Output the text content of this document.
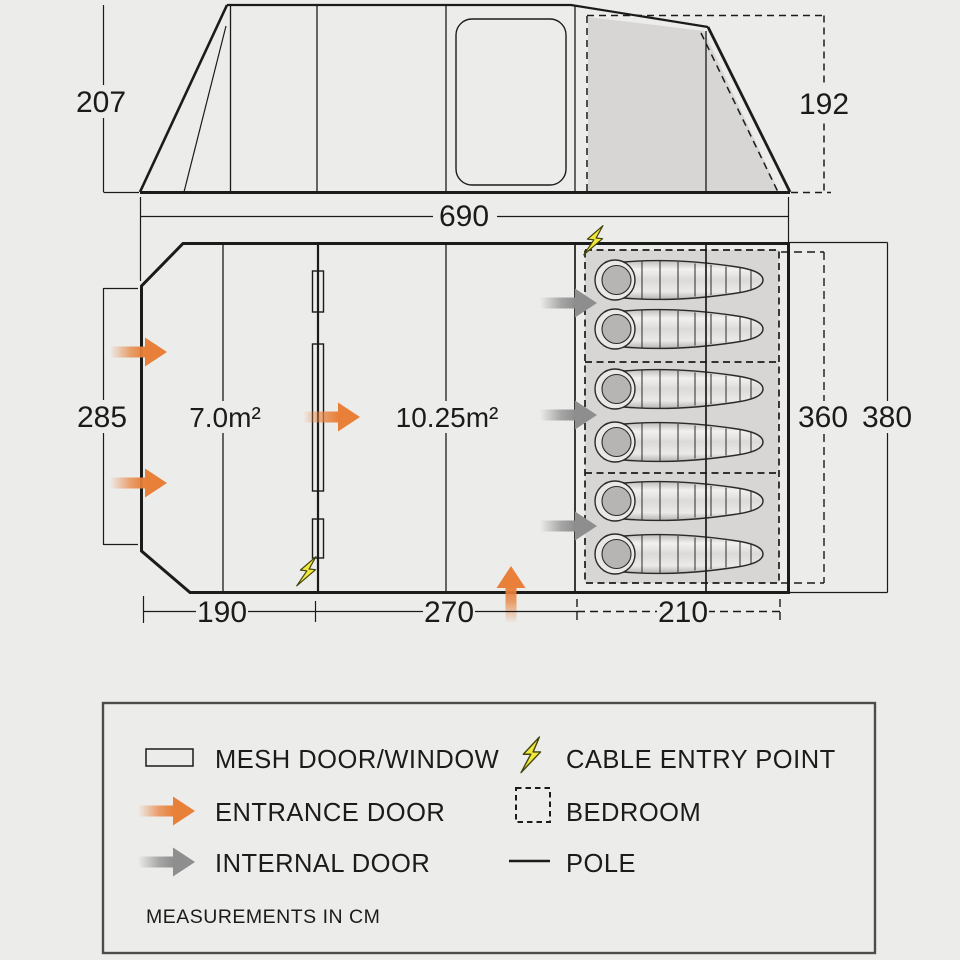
207	192
690
7.0m²	10.25m²
285	360 380
190	270	210
MESH DOOR/WINDOW
ENTRANCE DOOR
INTERNAL DOOR
CABLE ENTRY POINT
BEDROOM
POLE
MEASUREMENTS IN CM
